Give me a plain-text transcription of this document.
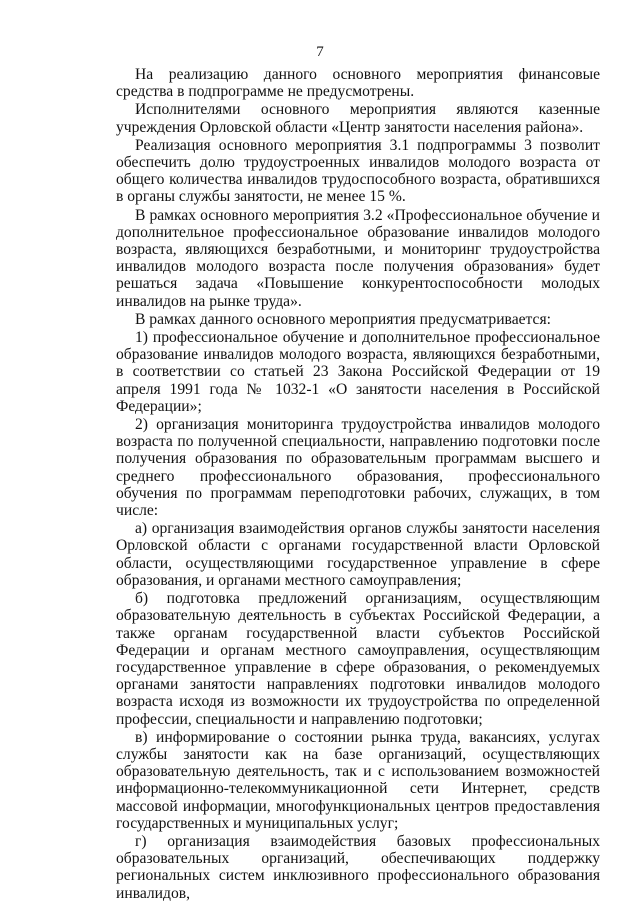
7

На реализацию данного основного мероприятия финансовые средства в подпрограмме не предусмотрены.

Исполнителями основного мероприятия являются казенные учреждения Орловской области «Центр занятости населения района».

Реализация основного мероприятия 3.1 подпрограммы 3 позволит обеспечить долю трудоустроенных инвалидов молодого возраста от общего количества инвалидов трудоспособного возраста, обратившихся в органы службы занятости, не менее 15 %.

В рамках основного мероприятия 3.2 «Профессиональное обучение и дополнительное профессиональное образование инвалидов молодого возраста, являющихся безработными, и мониторинг трудоустройства инвалидов молодого возраста после получения образования» будет решаться задача «Повышение конкурентоспособности молодых инвалидов на рынке труда».

В рамках данного основного мероприятия предусматривается:

1) профессиональное обучение и дополнительное профессиональное образование инвалидов молодого возраста, являющихся безработными, в соответствии со статьей 23 Закона Российской Федерации от 19 апреля 1991 года № 1032-1 «О занятости населения в Российской Федерации»;

2) организация мониторинга трудоустройства инвалидов молодого возраста по полученной специальности, направлению подготовки после получения образования по образовательным программам высшего и среднего профессионального образования, профессионального обучения по программам переподготовки рабочих, служащих, в том числе:

а) организация взаимодействия органов службы занятости населения Орловской области с органами государственной власти Орловской области, осуществляющими государственное управление в сфере образования, и органами местного самоуправления;

б) подготовка предложений организациям, осуществляющим образовательную деятельность в субъектах Российской Федерации, а также органам государственной власти субъектов Российской Федерации и органам местного самоуправления, осуществляющим государственное управление в сфере образования, о рекомендуемых органами занятости направлениях подготовки инвалидов молодого возраста исходя из возможности их трудоустройства по определенной профессии, специальности и направлению подготовки;

в) информирование о состоянии рынка труда, вакансиях, услугах службы занятости как на базе организаций, осуществляющих образовательную деятельность, так и с использованием возможностей информационно-телекоммуникационной сети Интернет, средств массовой информации, многофункциональных центров предоставления государственных и муниципальных услуг;

г) организация взаимодействия базовых профессиональных образовательных организаций, обеспечивающих поддержку региональных систем инклюзивного профессионального образования инвалидов,
